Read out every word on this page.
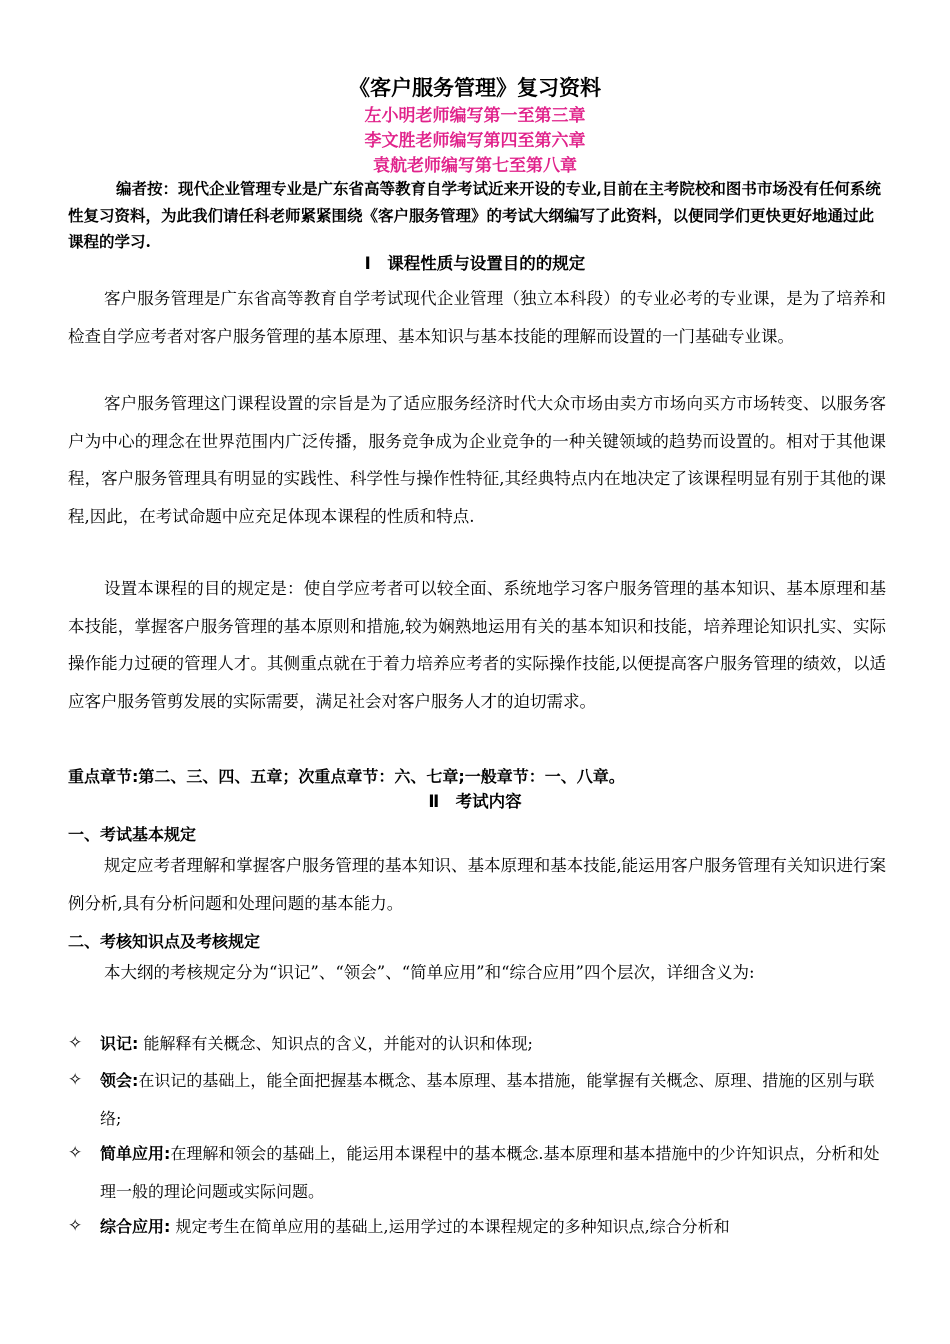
《客户服务管理》复习资料
左小明老师编写第一至第三章
李文胜老师编写第四至第六章
袁航老师编写第七至第八章
编者按：现代企业管理专业是广东省高等教育自学考试近来开设的专业,目前在主考院校和图书市场没有任何系统性复习资料，为此我们请任科老师紧紧围绕《客户服务管理》的考试大纲编写了此资料，以便同学们更快更好地通过此课程的学习.
Ⅰ　课程性质与设置目的的规定
客户服务管理是广东省高等教育自学考试现代企业管理（独立本科段）的专业必考的专业课，是为了培养和检查自学应考者对客户服务管理的基本原理、基本知识与基本技能的理解而设置的一门基础专业课。
客户服务管理这门课程设置的宗旨是为了适应服务经济时代大众市场由卖方市场向买方市场转变、以服务客户为中心的理念在世界范围内广泛传播，服务竞争成为企业竞争的一种关键领域的趋势而设置的。相对于其他课程，客户服务管理具有明显的实践性、科学性与操作性特征,其经典特点内在地决定了该课程明显有别于其他的课程,因此，在考试命题中应充足体现本课程的性质和特点.
设置本课程的目的规定是：使自学应考者可以较全面、系统地学习客户服务管理的基本知识、基本原理和基本技能，掌握客户服务管理的基本原则和措施,较为娴熟地运用有关的基本知识和技能，培养理论知识扎实、实际操作能力过硬的管理人才。其侧重点就在于着力培养应考者的实际操作技能,以便提高客户服务管理的绩效，以适应客户服务管剪发展的实际需要，满足社会对客户服务人才的迫切需求。
重点章节:第二、三、四、五章；次重点章节：六、七章;一般章节：一、八章。
Ⅱ　考试内容
一、考试基本规定
规定应考者理解和掌握客户服务管理的基本知识、基本原理和基本技能,能运用客户服务管理有关知识进行案例分析,具有分析问题和处理问题的基本能力。
二、考核知识点及考核规定
本大纲的考核规定分为“识记”、“领会”、“简单应用”和“综合应用”四个层次，详细含义为:
✧	识记: 能解释有关概念、知识点的含义，并能对的认识和体现;
✧	领会:在识记的基础上，能全面把握基本概念、基本原理、基本措施，能掌握有关概念、原理、措施的区别与联络;
✧	简单应用:在理解和领会的基础上，能运用本课程中的基本概念.基本原理和基本措施中的少许知识点，分析和处理一般的理论问题或实际问题。
✧	综合应用: 规定考生在简单应用的基础上,运用学过的本课程规定的多种知识点,综合分析和
